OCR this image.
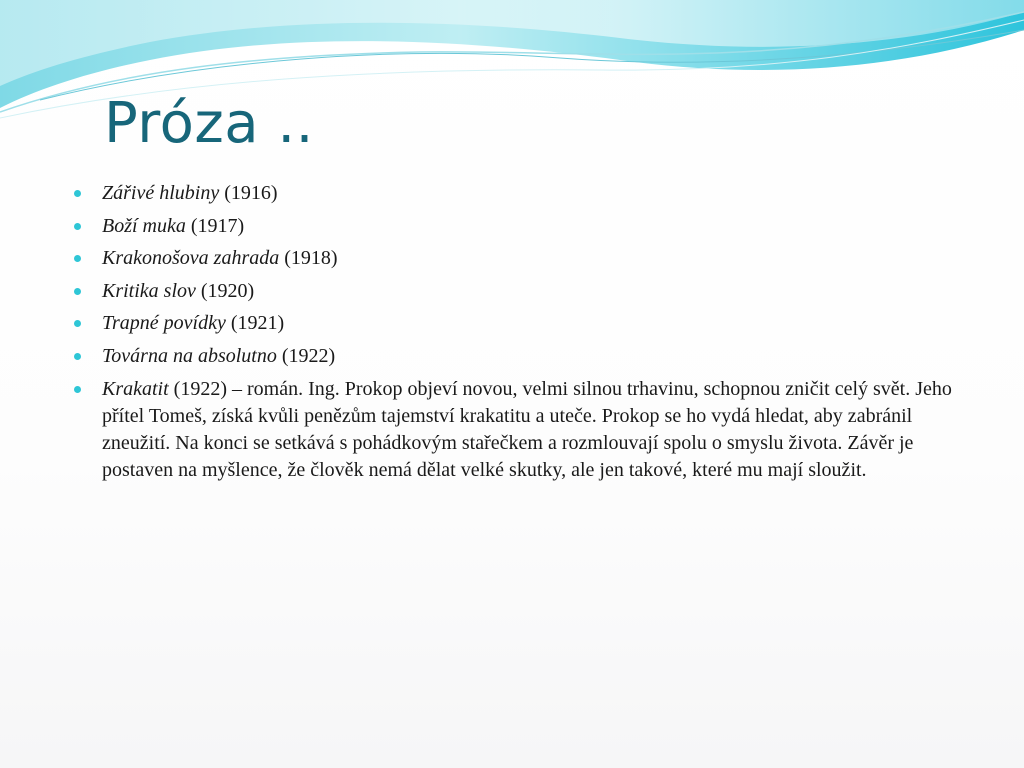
Próza ..
Zářivé hlubiny (1916)
Boží muka (1917)
Krakonošova zahrada (1918)
Kritika slov (1920)
Trapné povídky (1921)
Továrna na absolutno (1922)
Krakatit (1922) – román. Ing. Prokop objeví novou, velmi silnou trhavinu, schopnou zničit celý svět. Jeho přítel Tomeš, získá kvůli penězům tajemství krakatitu a uteče. Prokop se ho vydá hledat, aby zabránil zneužití. Na konci se setkává s pohádkovým stařečkem a rozmlouvají spolu o smyslu života. Závěr je postaven na myšlence, že člověk nemá dělat velké skutky, ale jen takové, které mu mají sloužit.
